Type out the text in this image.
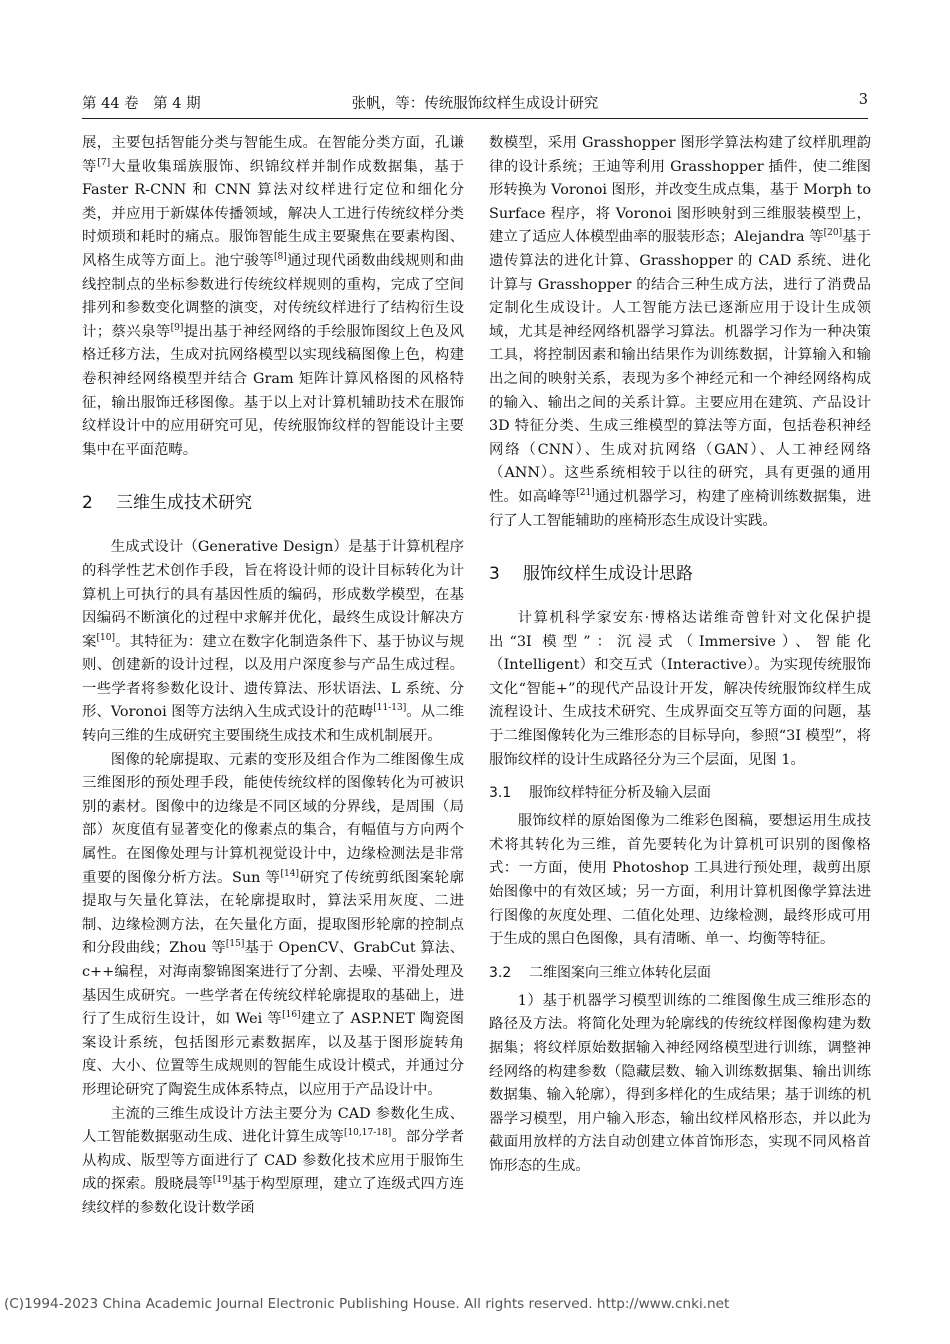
第 44 卷　第 4 期	张帆，等：传统服饰纹样生成设计研究	3

展，主要包括智能分类与智能生成。在智能分类方面，孔谦等[7]大量收集瑶族服饰、织锦纹样并制作成数据集，基于 Faster R-CNN 和 CNN 算法对纹样进行定位和细化分类，并应用于新媒体传播领域，解决人工进行传统纹样分类时烦琐和耗时的痛点。服饰智能生成主要聚焦在要素构图、风格生成等方面上。池宁骏等[8]通过现代函数曲线规则和曲线控制点的坐标参数进行传统纹样规则的重构，完成了空间排列和参数变化调整的演变，对传统纹样进行了结构衍生设计；蔡兴泉等[9]提出基于神经网络的手绘服饰图纹上色及风格迁移方法，生成对抗网络模型以实现线稿图像上色，构建卷积神经网络模型并结合 Gram 矩阵计算风格图的风格特征，输出服饰迁移图像。基于以上对计算机辅助技术在服饰纹样设计中的应用研究可见，传统服饰纹样的智能设计主要集中在平面范畴。

2 三维生成技术研究

生成式设计（Generative Design）是基于计算机程序的科学性艺术创作手段，旨在将设计师的设计目标转化为计算机上可执行的具有基因性质的编码，形成数学模型，在基因编码不断演化的过程中求解并优化，最终生成设计解决方案[10]。其特征为：建立在数字化制造条件下、基于协议与规则、创建新的设计过程，以及用户深度参与产品生成过程。一些学者将参数化设计、遗传算法、形状语法、L 系统、分形、Voronoi 图等方法纳入生成式设计的范畴[11-13]。从二维转向三维的生成研究主要围绕生成技术和生成机制展开。

图像的轮廓提取、元素的变形及组合作为二维图像生成三维图形的预处理手段，能使传统纹样的图像转化为可被识别的素材。图像中的边缘是不同区域的分界线，是周围（局部）灰度值有显著变化的像素点的集合，有幅值与方向两个属性。在图像处理与计算机视觉设计中，边缘检测法是非常重要的图像分析方法。Sun 等[14]研究了传统剪纸图案轮廓提取与矢量化算法，在轮廓提取时，算法采用灰度、二进制、边缘检测方法，在矢量化方面，提取图形轮廓的控制点和分段曲线；Zhou 等[15]基于 OpenCV、GrabCut 算法、c++编程，对海南黎锦图案进行了分割、去噪、平滑处理及基因生成研究。一些学者在传统纹样轮廓提取的基础上，进行了生成衍生设计，如 Wei 等[16]建立了 ASP.NET 陶瓷图案设计系统，包括图形元素数据库，以及基于图形旋转角度、大小、位置等生成规则的智能生成设计模式，并通过分形理论研究了陶瓷生成体系特点，以应用于产品设计中。

主流的三维生成设计方法主要分为 CAD 参数化生成、人工智能数据驱动生成、进化计算生成等[10,17-18]。部分学者从构成、版型等方面进行了 CAD 参数化技术应用于服饰生成的探索。殷晓晨等[19]基于构型原理，建立了连级式四方连续纹样的参数化设计数学函

数模型，采用 Grasshopper 图形学算法构建了纹样肌理韵律的设计系统；王迪等利用 Grasshopper 插件，使二维图形转换为 Voronoi 图形，并改变生成点集，基于 Morph to Surface 程序，将 Voronoi 图形映射到三维服装模型上，建立了适应人体模型曲率的服装形态；Alejandra 等[20]基于遗传算法的进化计算、Grasshopper 的 CAD 系统、进化计算与 Grasshopper 的结合三种生成方法，进行了消费品定制化生成设计。人工智能方法已逐渐应用于设计生成领域，尤其是神经网络机器学习算法。机器学习作为一种决策工具，将控制因素和输出结果作为训练数据，计算输入和输出之间的映射关系，表现为多个神经元和一个神经网络构成的输入、输出之间的关系计算。主要应用在建筑、产品设计 3D 特征分类、生成三维模型的算法等方面，包括卷积神经网络（CNN）、生成对抗网络（GAN）、人工神经网络（ANN）。这些系统相较于以往的研究，具有更强的通用性。如高峰等[21]通过机器学习，构建了座椅训练数据集，进行了人工智能辅助的座椅形态生成设计实践。

3 服饰纹样生成设计思路

计算机科学家安东·博格达诺维奇曾针对文化保护提出“3I 模型”：沉浸式（Immersive）、智能化（Intelligent）和交互式（Interactive）。为实现传统服饰文化“智能+”的现代产品设计开发，解决传统服饰纹样生成流程设计、生成技术研究、生成界面交互等方面的问题，基于二维图像转化为三维形态的目标导向，参照“3I 模型”，将服饰纹样的设计生成路径分为三个层面，见图 1。

3.1 服饰纹样特征分析及输入层面

服饰纹样的原始图像为二维彩色图稿，要想运用生成技术将其转化为三维，首先要转化为计算机可识别的图像格式：一方面，使用 Photoshop 工具进行预处理，裁剪出原始图像中的有效区域；另一方面，利用计算机图像学算法进行图像的灰度处理、二值化处理、边缘检测，最终形成可用于生成的黑白色图像，具有清晰、单一、均衡等特征。

3.2 二维图案向三维立体转化层面

1）基于机器学习模型训练的二维图像生成三维形态的路径及方法。将简化处理为轮廓线的传统纹样图像构建为数据集；将纹样原始数据输入神经网络模型进行训练，调整神经网络的构建参数（隐藏层数、输入训练数据集、输出训练数据集、输入轮廓），得到多样化的生成结果；基于训练的机器学习模型，用户输入形态，输出纹样风格形态，并以此为截面用放样的方法自动创建立体首饰形态，实现不同风格首饰形态的生成。

(C)1994-2023 China Academic Journal Electronic Publishing House. All rights reserved. http://www.cnki.net
